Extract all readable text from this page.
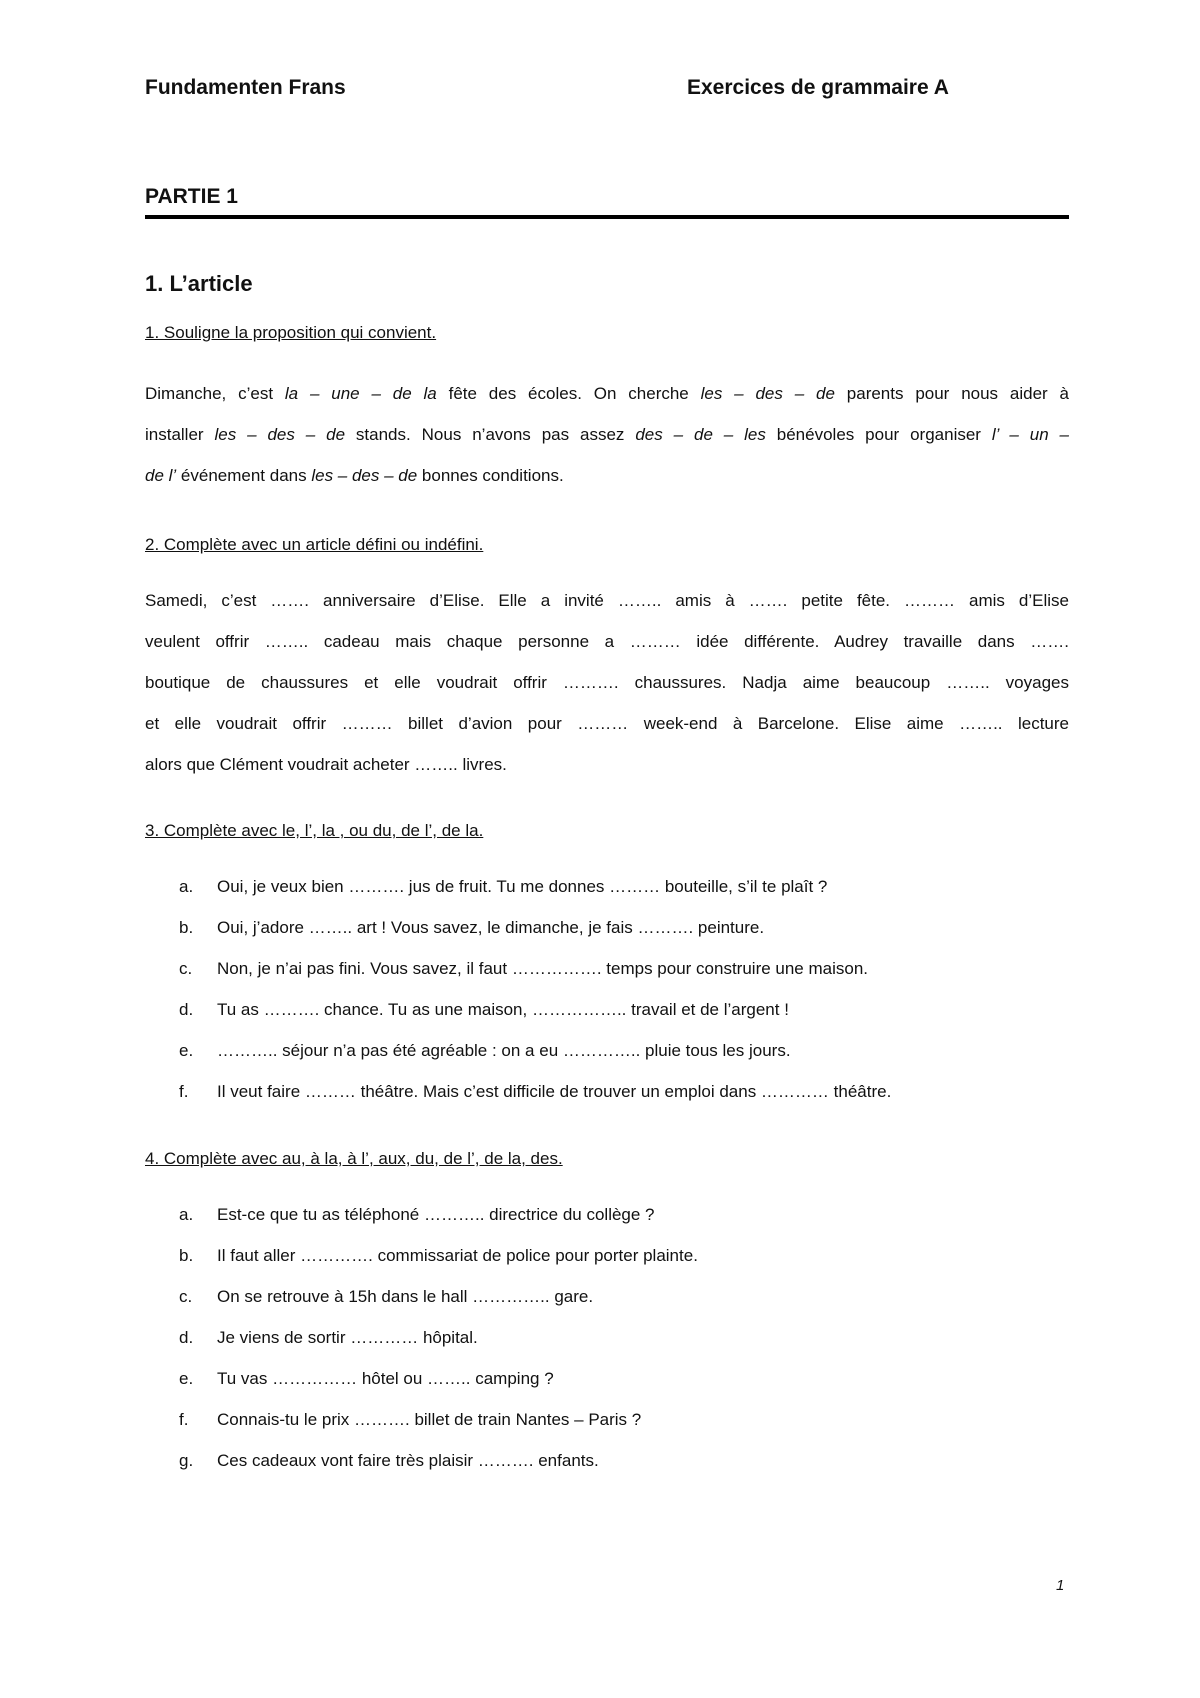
Fundamenten Frans	Exercices de grammaire A
PARTIE 1
1. L’article
1. Souligne la proposition qui convient.
Dimanche, c’est la – une – de la fête des écoles. On cherche les – des – de parents pour nous aider à
installer les – des – de stands. Nous n’avons pas assez des – de – les bénévoles pour organiser l’ – un –
de l’ événement dans les – des – de bonnes conditions.
2. Complète avec un article défini ou indéfini.
Samedi, c’est ……. anniversaire d’Elise. Elle a invité …….. amis à ……. petite fête. ……… amis d’Elise
veulent offrir …….. cadeau mais chaque personne a ……… idée différente. Audrey travaille dans …….
boutique de chaussures et elle voudrait offrir ………. chaussures. Nadja aime beaucoup …….. voyages
et elle voudrait offrir ……… billet d’avion pour ……… week-end à Barcelone. Elise aime …….. lecture
alors que Clément voudrait acheter …….. livres.
3. Complète avec le, l’, la , ou du, de l’, de la.
a. Oui, je veux bien ………. jus de fruit. Tu me donnes ……… bouteille, s’il te plaît ?
b. Oui, j’adore …….. art ! Vous savez, le dimanche, je fais ………. peinture.
c. Non, je n’ai pas fini. Vous savez, il faut ……………. temps pour construire une maison.
d. Tu as ………. chance. Tu as une maison, …………….. travail et de l’argent !
e. ……….. séjour n’a pas été agréable : on a eu ………….. pluie tous les jours.
f. Il veut faire ……… théâtre. Mais c’est difficile de trouver un emploi dans ………… théâtre.
4. Complète avec au, à la, à l’, aux, du, de l’, de la, des.
a. Est-ce que tu as téléphoné ……….. directrice du collège ?
b. Il faut aller …………. commissariat de police pour porter plainte.
c. On se retrouve à 15h dans le hall ………….. gare.
d. Je viens de sortir ………… hôpital.
e. Tu vas …………… hôtel ou …….. camping ?
f. Connais-tu le prix ………. billet de train Nantes – Paris ?
g. Ces cadeaux vont faire très plaisir ………. enfants.
1
